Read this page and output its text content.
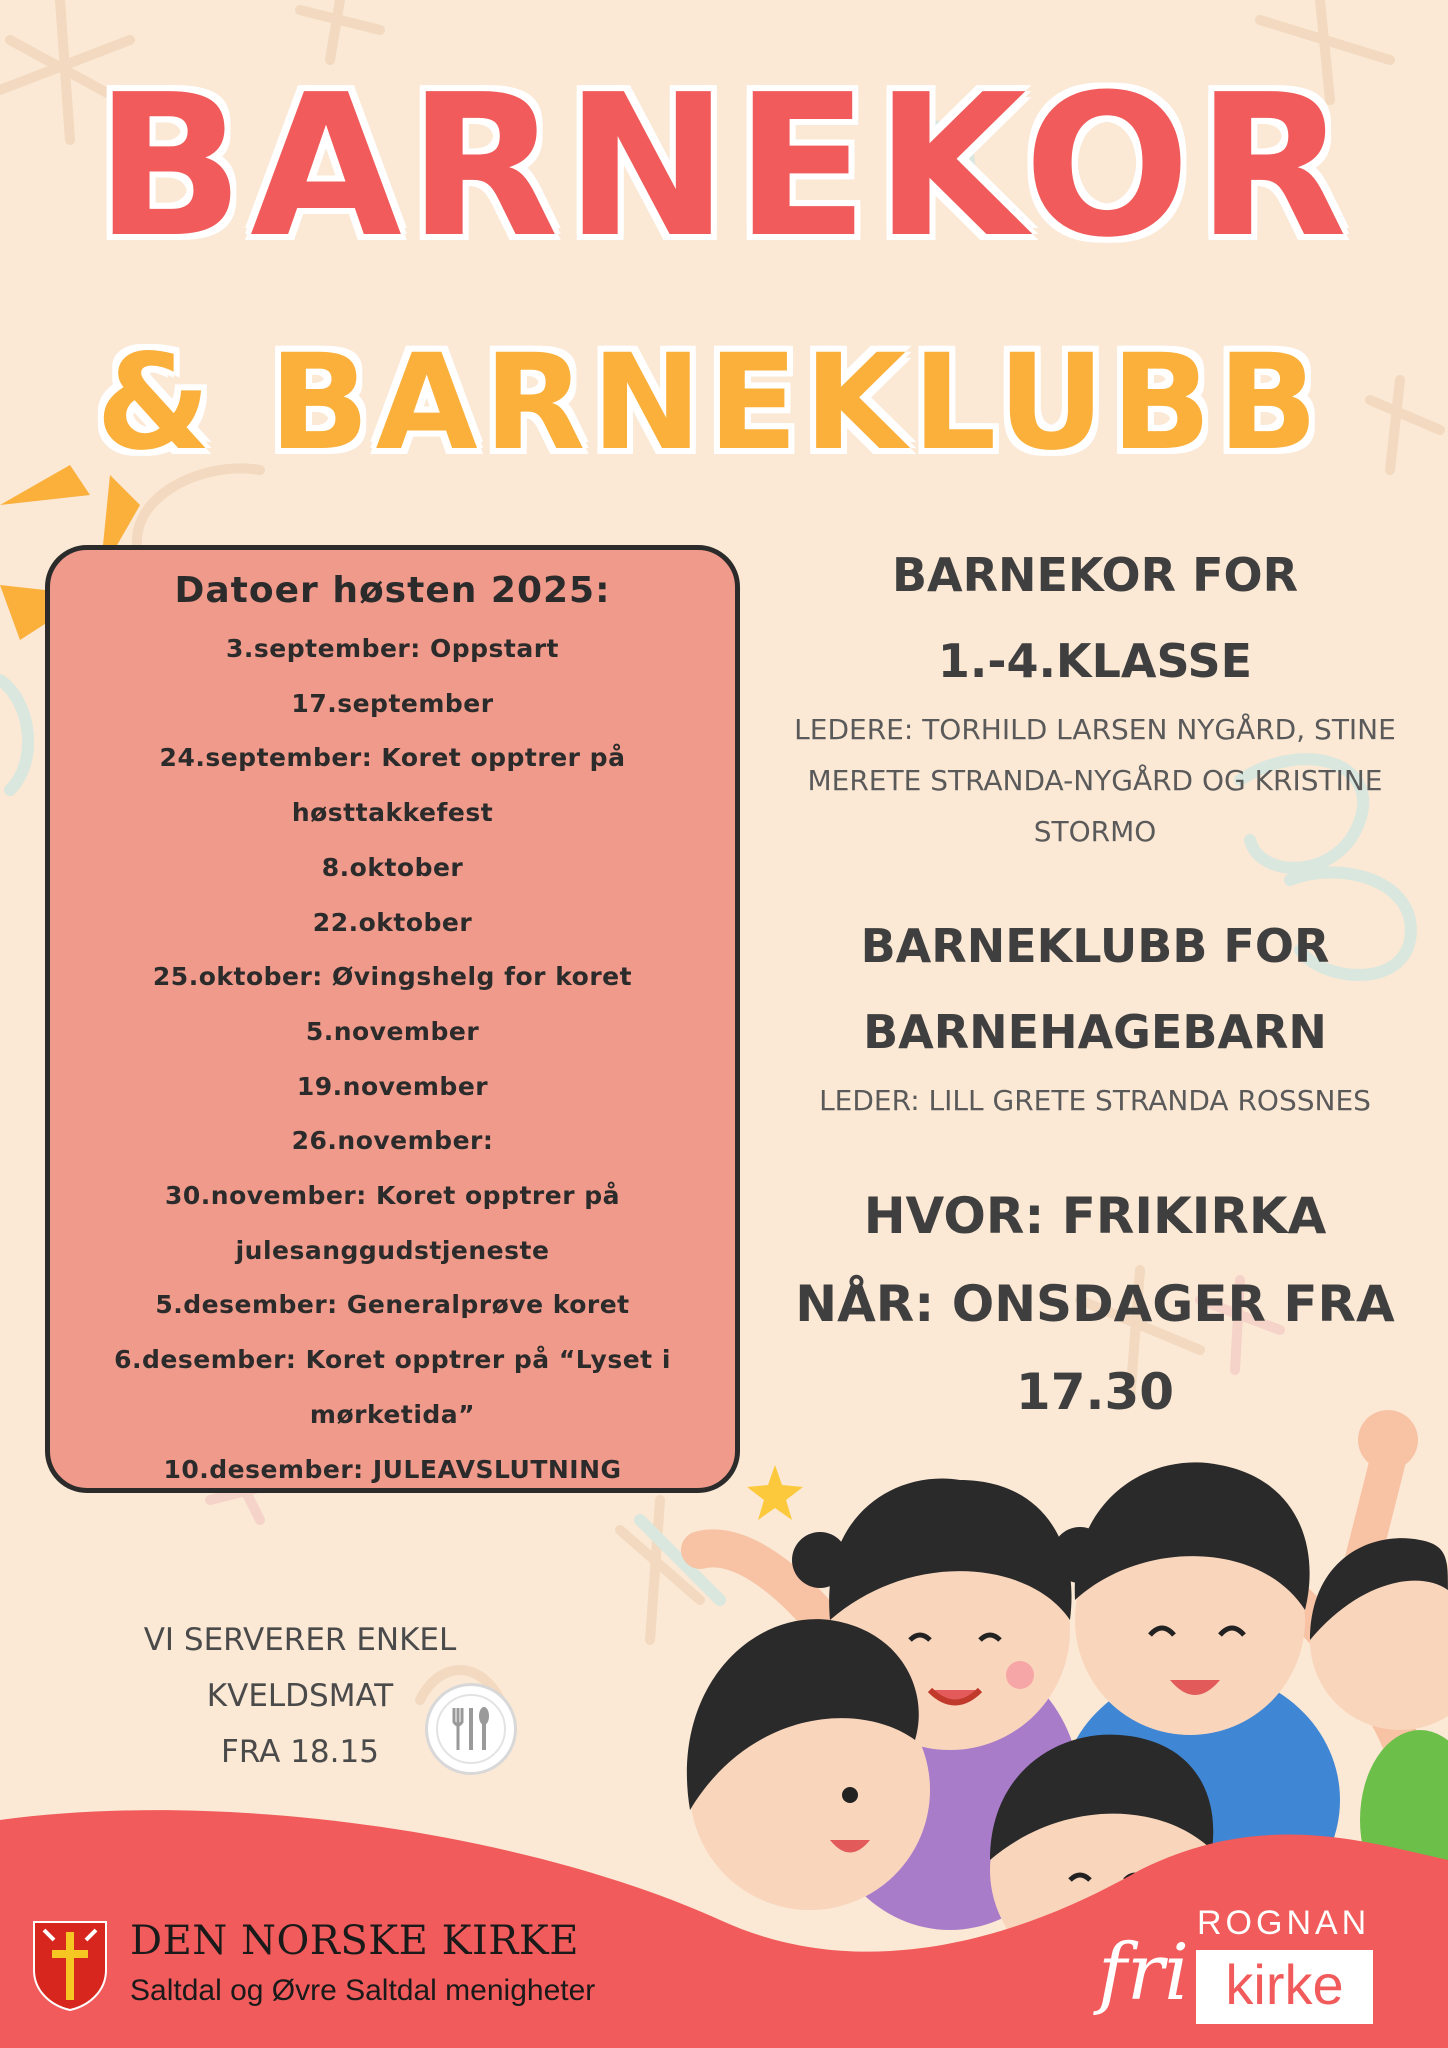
BARNEKOR
& BARNEKLUBB
Datoer høsten 2025:
3.september: Oppstart
17.september
24.september: Koret opptrer på
høsttakkefest
8.oktober
22.oktober
25.oktober: Øvingshelg for koret
5.november
19.november
26.november:
30.november: Koret opptrer på
julesanggudstjeneste
5.desember: Generalprøve koret
6.desember: Koret opptrer på “Lyset i
mørketida”
10.desember: JULEAVSLUTNING
BARNEKOR FOR
1.-4.KLASSE
LEDERE: TORHILD LARSEN NYGÅRD, STINE
MERETE STRANDA-NYGÅRD OG KRISTINE
STORMO
BARNEKLUBB FOR
BARNEHAGEBARN
LEDER: LILL GRETE STRANDA ROSSNES
HVOR: FRIKIRKA
NÅR: ONSDAGER FRA
17.30
VI SERVERER ENKEL
KVELDSMAT
FRA 18.15
DEN NORSKE KIRKE
Saltdal og Øvre Saltdal menigheter
ROGNAN
fri kirke
